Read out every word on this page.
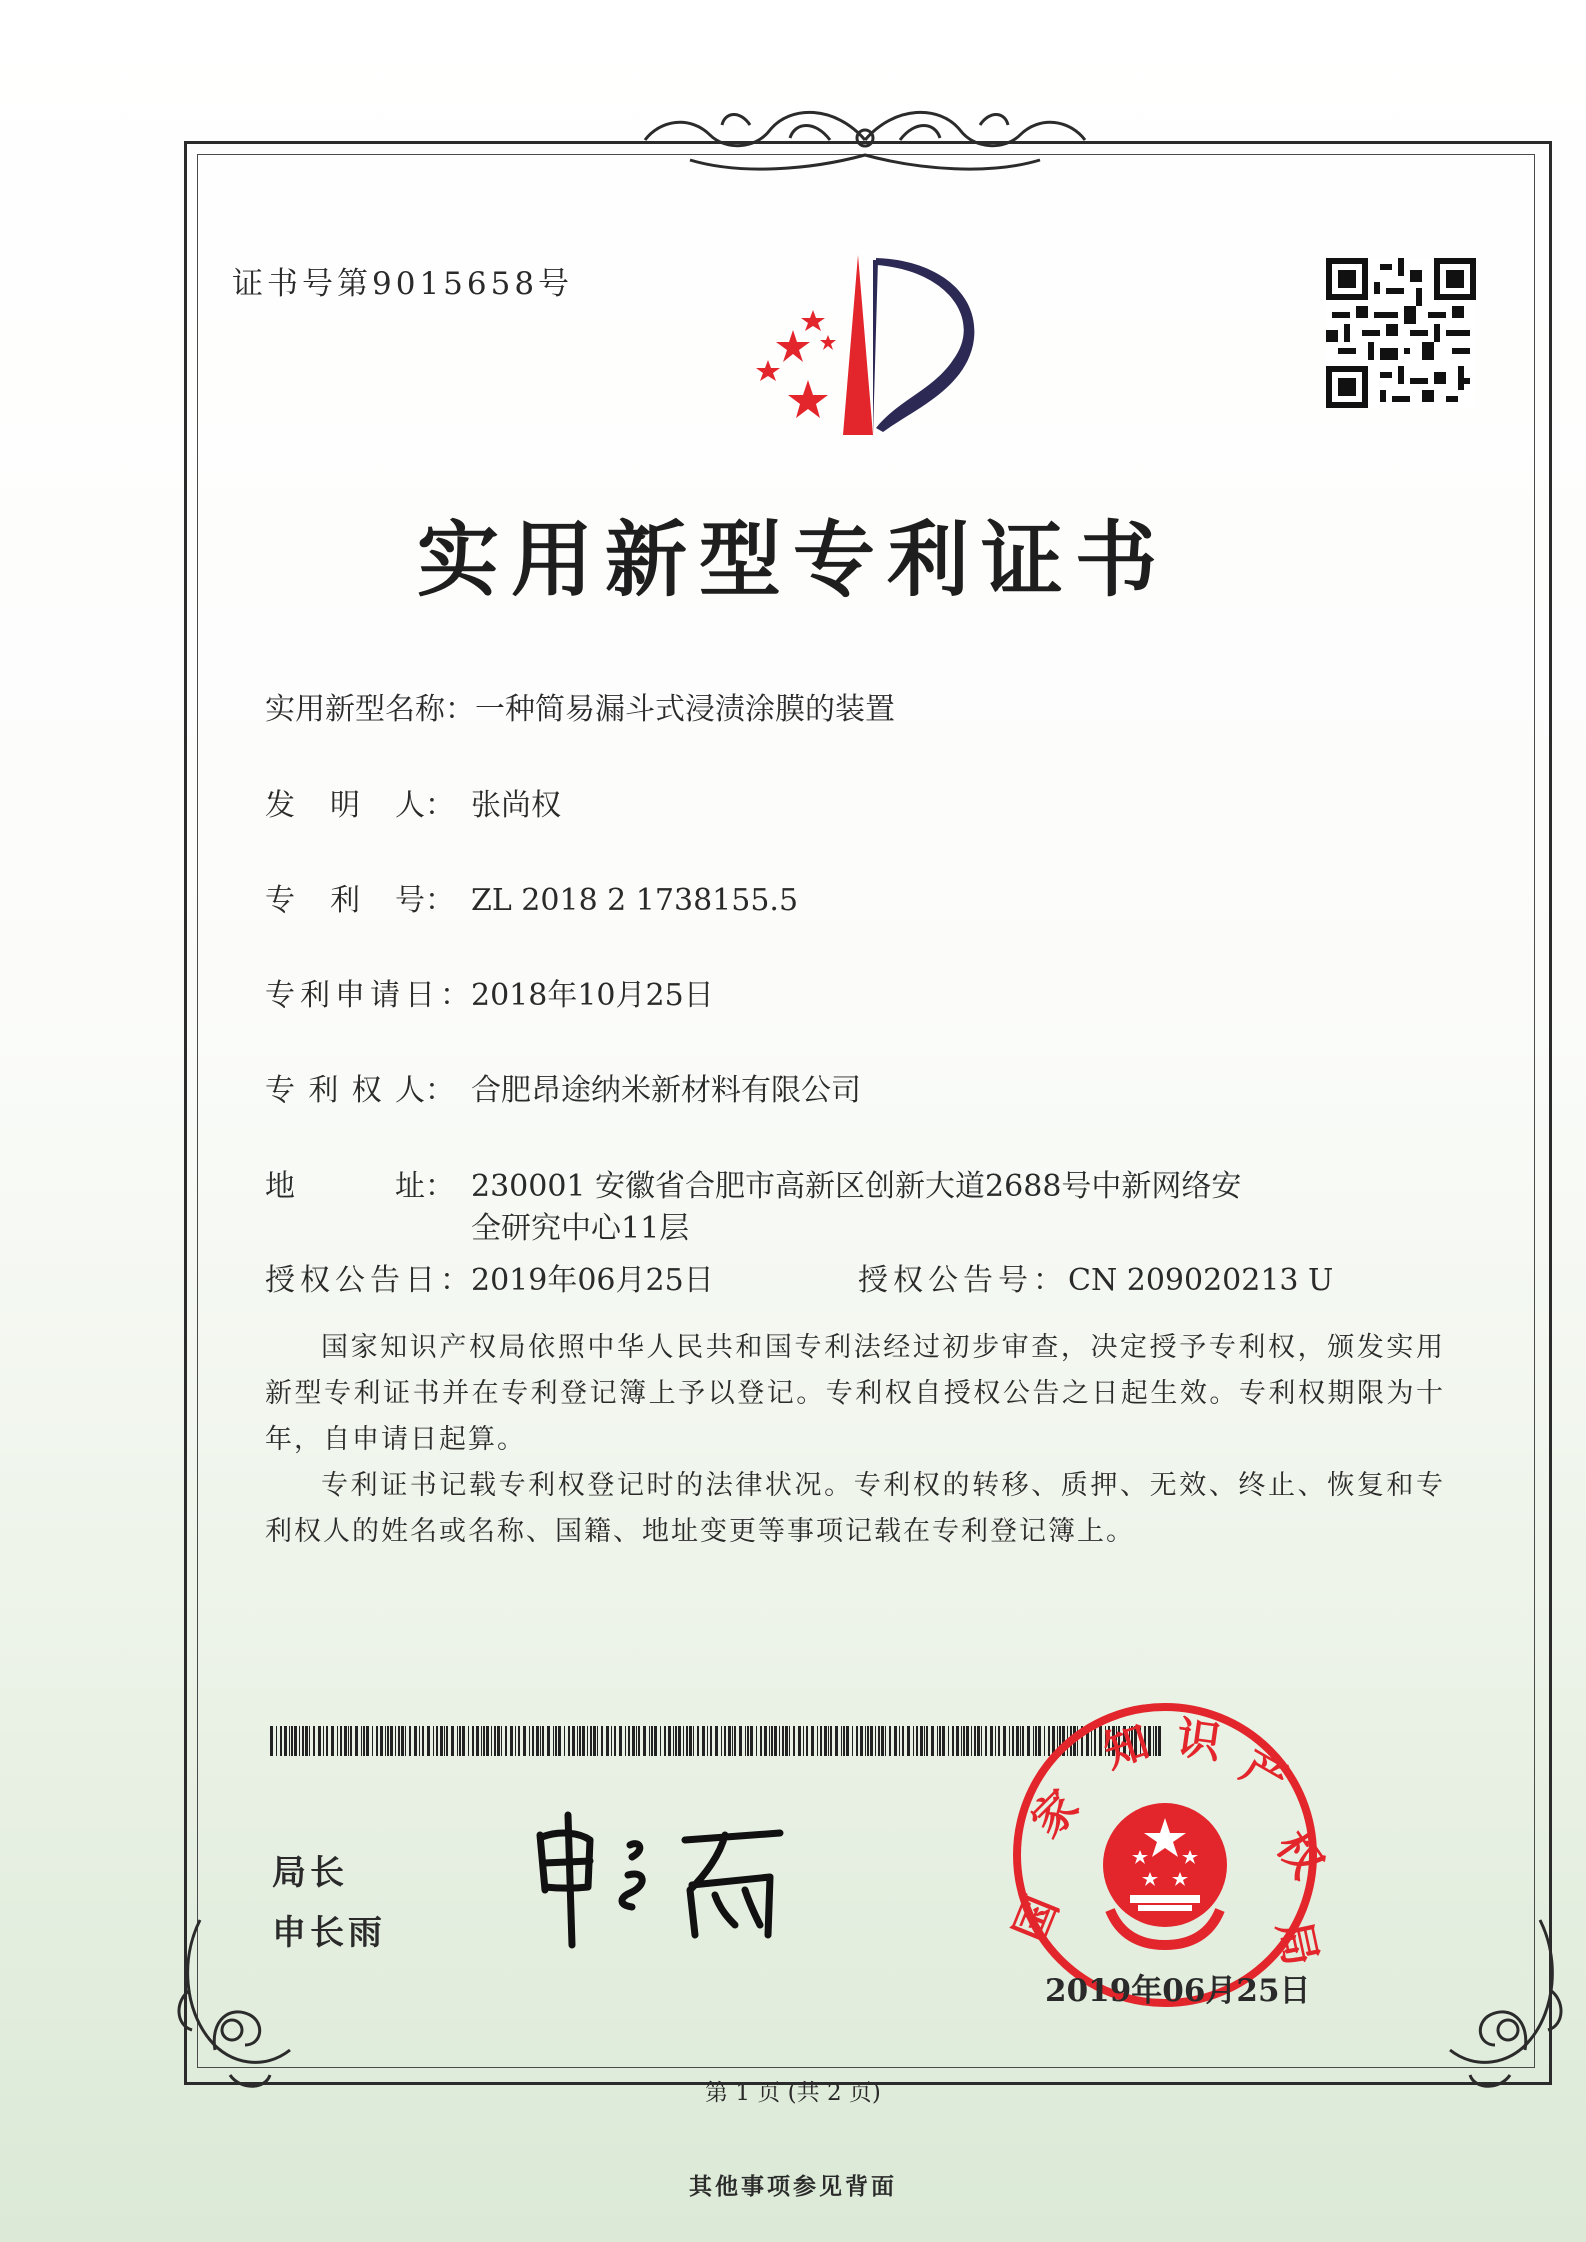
证书号第9015658号
实用新型专利证书
实用新型名称：一种简易漏斗式浸渍涂膜的装置
发 明 人： 张尚权
专 利 号： ZL 2018 2 1738155.5
专利申请日：
2018年10月25日
专 利 权 人： 合肥昂途纳米新材料有限公司
地	址： 230001 安徽省合肥市高新区创新大道2688号中新网络安
全研究中心11层
授权公告日：
2019年06月25日	授权公告号：CN 209020213 U
国家知识产权局依照中华人民共和国专利法经过初步审查，决定授予专利权，颁发实用新型专利证书并在专利登记簿上予以登记。专利权自授权公告之日起生效。专利权期限为十年，自申请日起算。
专利证书记载专利权登记时的法律状况。专利权的转移、质押、无效、终止、恢复和专利权人的姓名或名称、国籍、地址变更等事项记载在专利登记簿上。
局长
申长雨	国
家
知 识 产
权
局
2019年06月25日
第 1 页 (共 2 页)
其他事项参见背面
